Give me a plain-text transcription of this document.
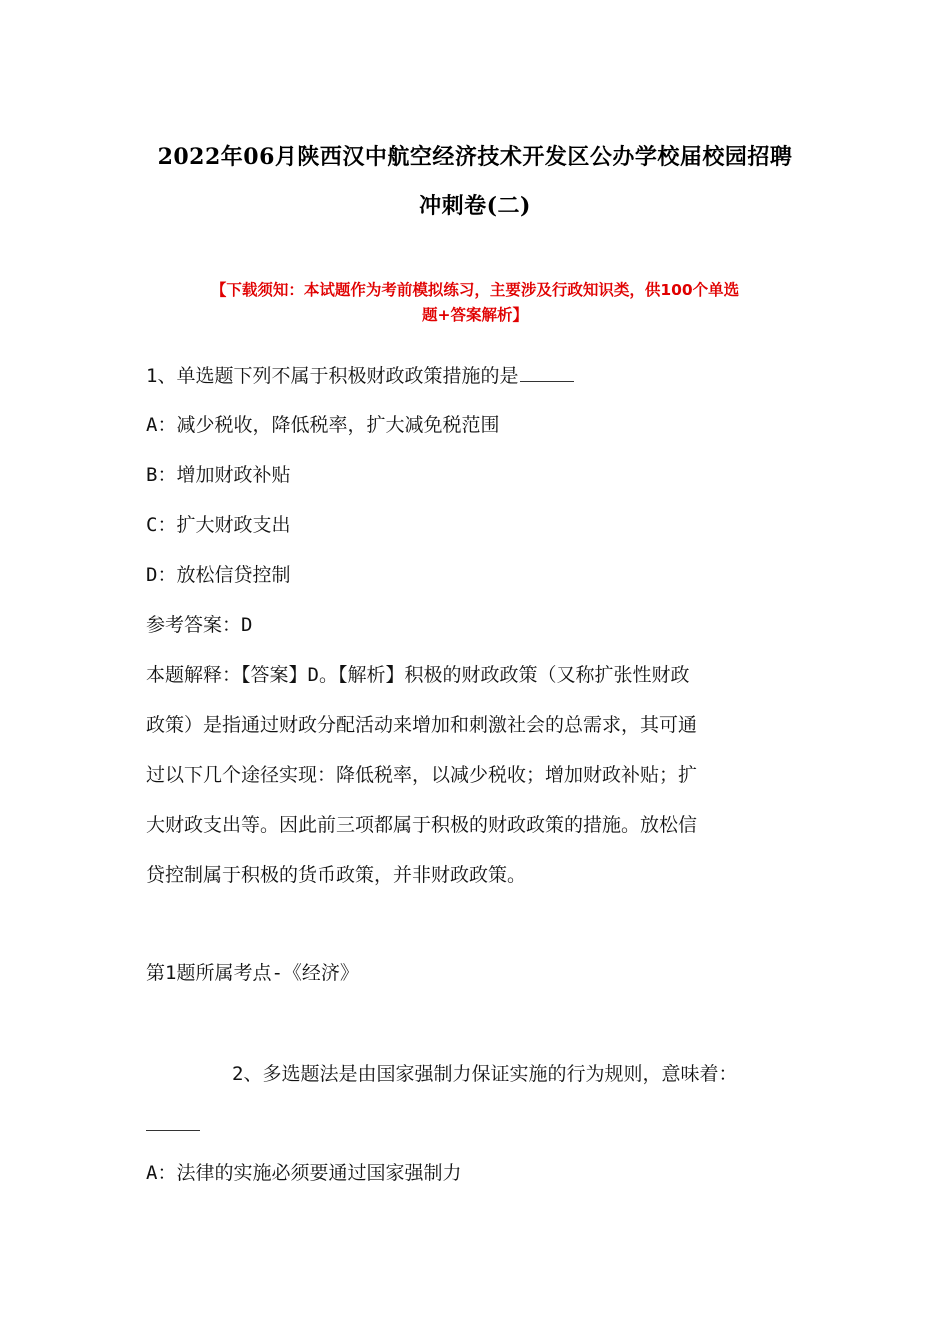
2022年06月陕西汉中航空经济技术开发区公办学校届校园招聘
冲刺卷(二)
【下载须知：本试题作为考前模拟练习，主要涉及行政知识类，供100个单选
题+答案解析】
1、单选题下列不属于积极财政政策措施的是
A：减少税收，降低税率，扩大减免税范围
B：增加财政补贴
C：扩大财政支出
D：放松信贷控制
参考答案：D
本题解释：【答案】D。【解析】积极的财政政策（又称扩张性财政
政策）是指通过财政分配活动来增加和刺激社会的总需求，其可通
过以下几个途径实现：降低税率，以减少税收；增加财政补贴；扩
大财政支出等。因此前三项都属于积极的财政政策的措施。放松信
贷控制属于积极的货币政策，并非财政政策。
第1题所属考点-《经济》
2、多选题法是由国家强制力保证实施的行为规则，意味着：
A：法律的实施必须要通过国家强制力
